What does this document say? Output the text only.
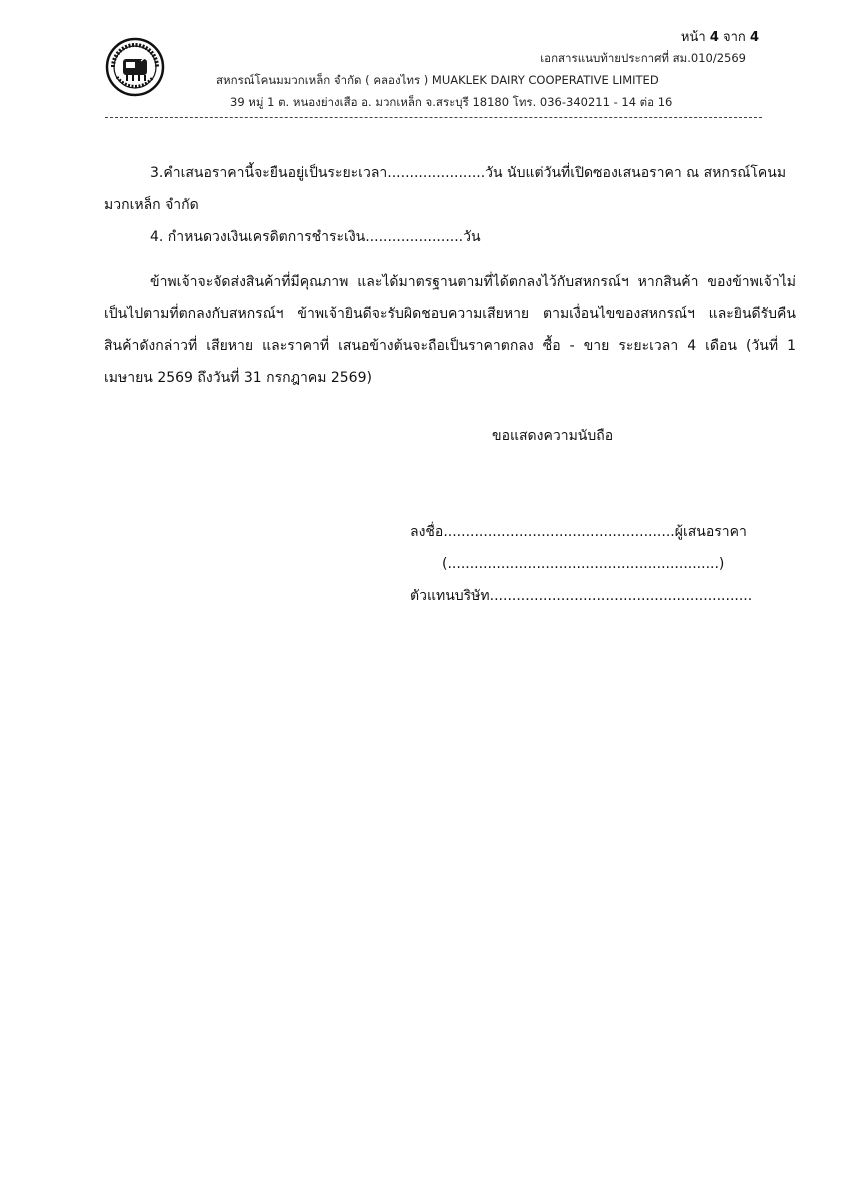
หน้า 4 จาก 4
เอกสารแนบท้ายประกาศที่ สม.010/2569
สหกรณ์โคนมมวกเหล็ก จำกัด ( คลองไทร ) MUAKLEK DAIRY COOPERATIVE LIMITED
39 หมู่ 1 ต. หนองย่างเสือ อ. มวกเหล็ก จ.สระบุรี 18180 โทร. 036-340211 - 14 ต่อ 16
3.คำเสนอราคานี้จะยืนอยู่เป็นระยะเวลา......................วัน นับแต่วันที่เปิดซองเสนอราคา ณ สหกรณ์โคนม
มวกเหล็ก จำกัด
4. กำหนดวงเงินเครดิตการชำระเงิน......................วัน
ข้าพเจ้าจะจัดส่งสินค้าที่มีคุณภาพ และได้มาตรฐานตามที่ได้ตกลงไว้กับสหกรณ์ฯ หากสินค้า ของข้าพเจ้าไม่เป็นไปตามที่ตกลงกับสหกรณ์ฯ ข้าพเจ้ายินดีจะรับผิดชอบความเสียหาย ตามเงื่อนไขของสหกรณ์ฯ และยินดีรับคืนสินค้าดังกล่าวที่ เสียหาย และราคาที่ เสนอข้างต้นจะถือเป็นราคาตกลง ซื้อ - ขาย ระยะเวลา 4 เดือน (วันที่ 1 เมษายน 2569 ถึงวันที่ 31 กรกฎาคม 2569)
ขอแสดงความนับถือ
ลงชื่อ....................................................ผู้เสนอราคา
(.............................................................)
ตัวแทนบริษัท...........................................................
